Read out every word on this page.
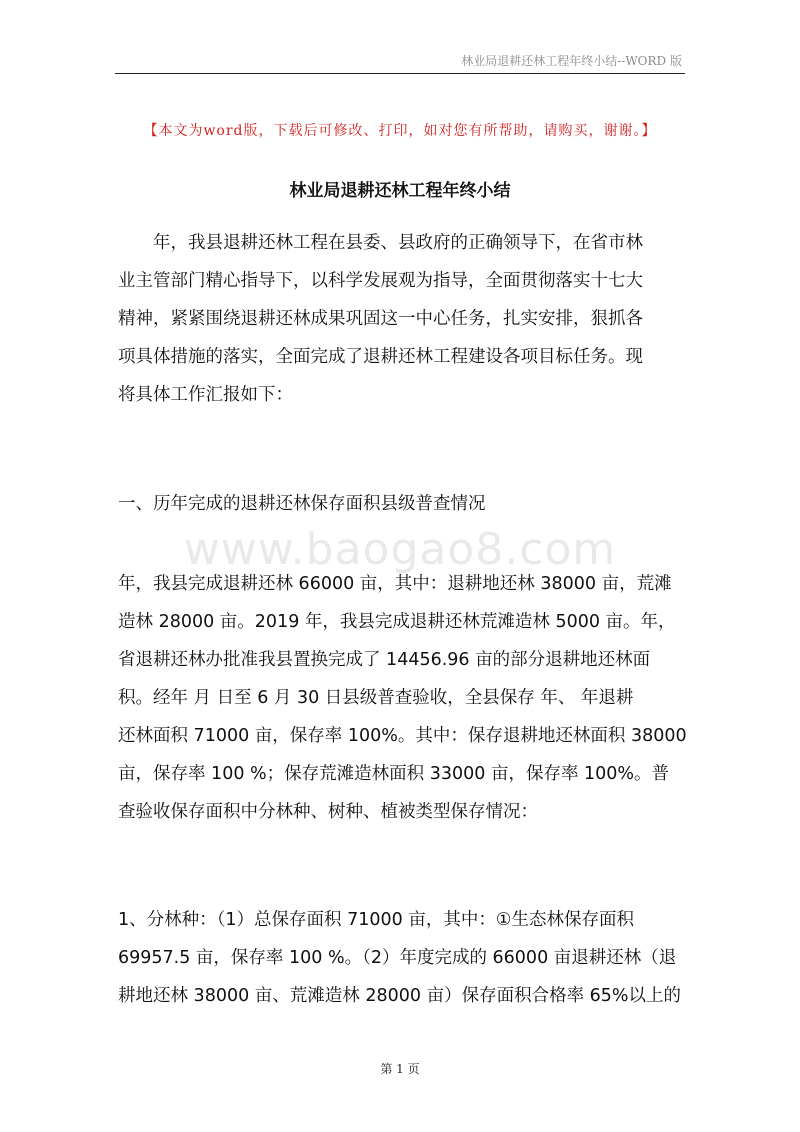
林业局退耕还林工程年终小结--WORD 版
【本文为word版，下载后可修改、打印，如对您有所帮助，请购买，谢谢。】
林业局退耕还林工程年终小结
　　年，我县退耕还林工程在县委、县政府的正确领导下，在省市林
业主管部门精心指导下，以科学发展观为指导，全面贯彻落实十七大
精神，紧紧围绕退耕还林成果巩固这一中心任务，扎实安排，狠抓各
项具体措施的落实，全面完成了退耕还林工程建设各项目标任务。现
将具体工作汇报如下：
一、历年完成的退耕还林保存面积县级普查情况
www.baogao8.com
年，我县完成退耕还林 66000 亩，其中：退耕地还林 38000 亩，荒滩
造林 28000 亩。2019 年，我县完成退耕还林荒滩造林 5000 亩。年，
省退耕还林办批准我县置换完成了 14456.96 亩的部分退耕地还林面
积。经年 月 日至 6 月 30 日县级普查验收，全县保存 年、 年退耕
还林面积 71000 亩，保存率 100%。其中：保存退耕地还林面积 38000
亩，保存率 100 %；保存荒滩造林面积 33000 亩，保存率 100%。普
查验收保存面积中分林种、树种、植被类型保存情况：
1、分林种：（1）总保存面积 71000 亩，其中：①生态林保存面积
69957.5 亩，保存率 100 %。（2）年度完成的 66000 亩退耕还林（退
耕地还林 38000 亩、荒滩造林 28000 亩）保存面积合格率 65%以上的
第 1 页
